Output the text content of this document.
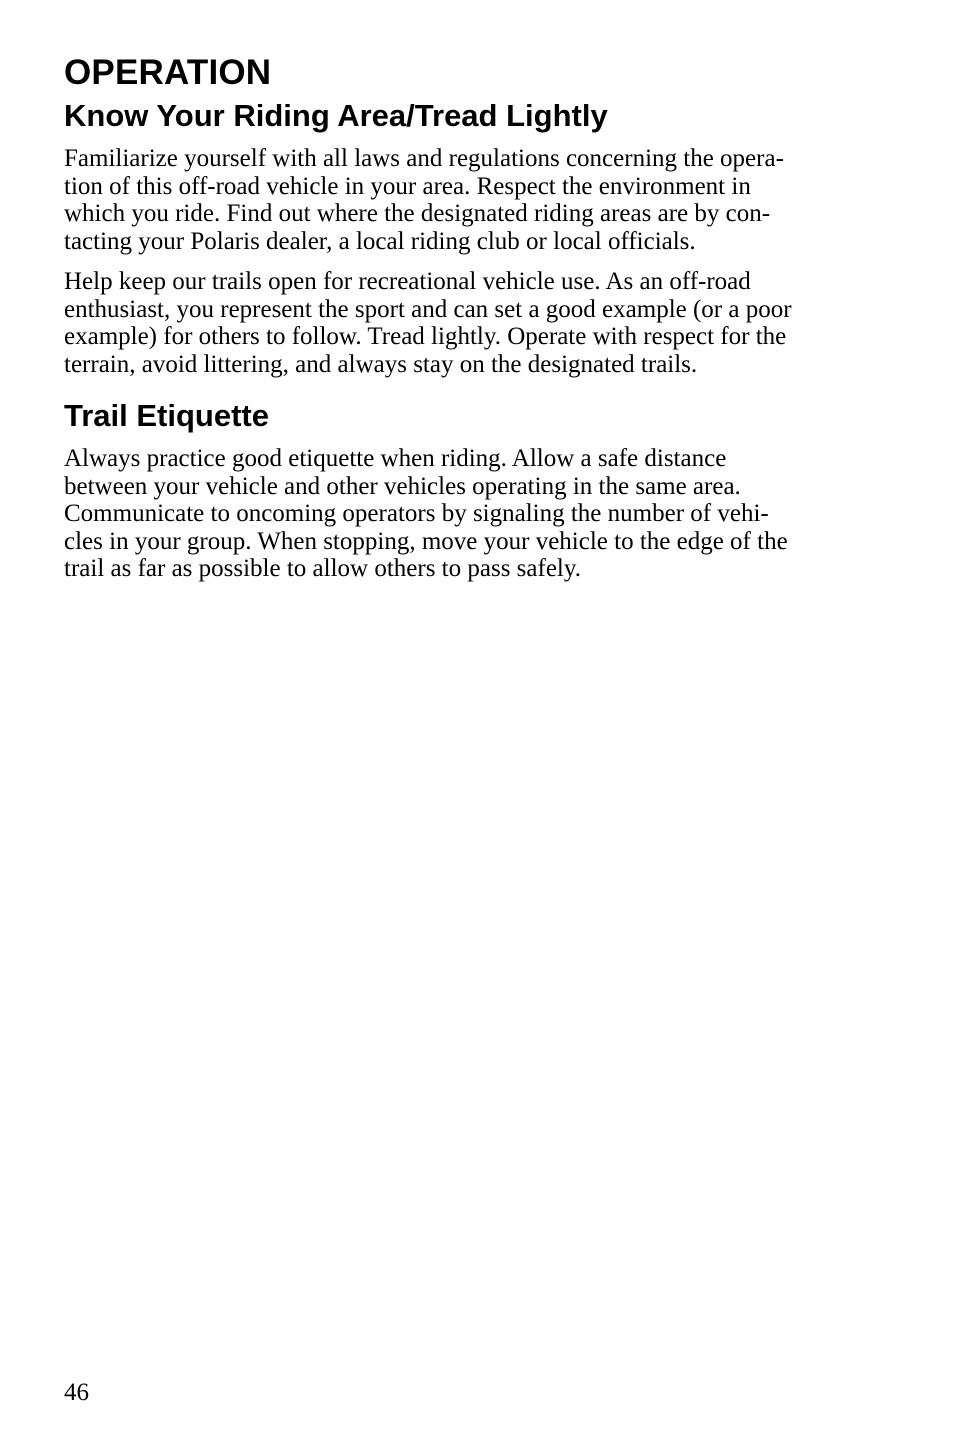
OPERATION
Know Your Riding Area/Tread Lightly

Familiarize yourself with all laws and regulations concerning the opera-
tion of this off-road vehicle in your area. Respect the environment in
which you ride. Find out where the designated riding areas are by con-
tacting your Polaris dealer, a local riding club or local officials.

Help keep our trails open for recreational vehicle use. As an off-road
enthusiast, you represent the sport and can set a good example (or a poor
example) for others to follow. Tread lightly. Operate with respect for the
terrain, avoid littering, and always stay on the designated trails.

Trail Etiquette

Always practice good etiquette when riding. Allow a safe distance
between your vehicle and other vehicles operating in the same area.
Communicate to oncoming operators by signaling the number of vehi-
cles in your group. When stopping, move your vehicle to the edge of the
trail as far as possible to allow others to pass safely.

46
